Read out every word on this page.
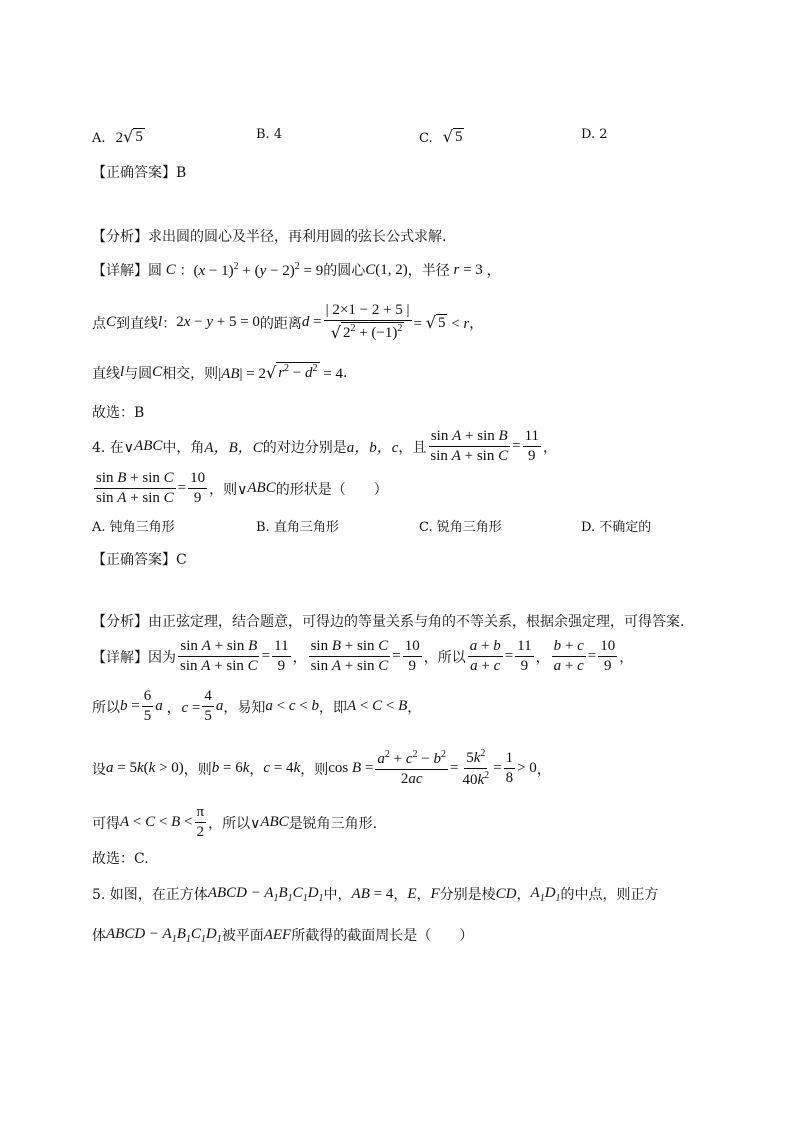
A. 2 √ 5	B. 4	C. √ 5	D. 2
【正确答案】B
【分析】 求出圆的圆心及半径，再利用圆的弦长公式求解.
【详解】 圆 C ： $(x - 1)^2 + (y - 2)^2 = 9$ 的圆心 C(1, 2) ，半径 r = 3 ，
点 C 到直线 l ： 2x − y + 5 = 0 的距离 $d = \frac{| 2\times 1 - 2 + 5 |}{√ 2^2 + (-1)^2}$ = √ 5 < r ，
直线 l 与圆 C 相交，则 |AB| = 2 √ $r^2 - d^2 = 4$ .
故选：B
4. 在∨ ABC 中，角 A，B，C 的对边分别是 a，b，c ，且 $\frac{\text{sin A + sin B}}{\text{sin A + sin C}} = \frac{11}{9}$ ，
$\frac{\text{sin B + sin C}}{\text{sin A + sin C}} = \frac{10}{9}$ ，则∨ ABC 的形状是（　　）
A. 钝角三角形	B. 直角三角形	C. 锐角三角形	D. 不确定的
【正确答案】C
【分析】 由正弦定理，结合题意，可得边的等量关系与角的不等关系，根据余强定理，可得答案.
【详解】 因为 $\frac{\text{sin A + sin B}}{\text{sin A + sin C}} = \frac{11}{9}$ ， $\frac{\text{sin B + sin C}}{\text{sin A + sin C}} = \frac{10}{9}$ ，所以 $\frac{a + b}{a + c} = \frac{11}{9}$ ， $\frac{b + c}{a + c} = \frac{10}{9}$ ，
所以 $b = \frac{6}{5}$ a ，$c = \frac{4}{5}$ a ，易知 a < c < b ，即 A < C < B ，
设 a = 5k(k > 0) ，则 b = 6k ， c = 4k ，则 $\cos B = \frac{a^2 + c^2 - b^2}{2ac} = \frac{5k^2}{40k^2} = \frac{1}{8} > 0$ ，
可得 $A < C < B < \frac{\pi}{2}$ ，所以∨ ABC 是锐角三角形.
故选：C.
5. 如图，在正方体 ABCD − $A_1B_1C_1D_1$ 中， AB = 4 ， E ， F 分别是棱 CD ， $A_1D_1$ 的中点，则正方
体 ABCD − $A_1B_1C_1D_1$ 被平面 AEF 所截得的截面周长是（　　）
